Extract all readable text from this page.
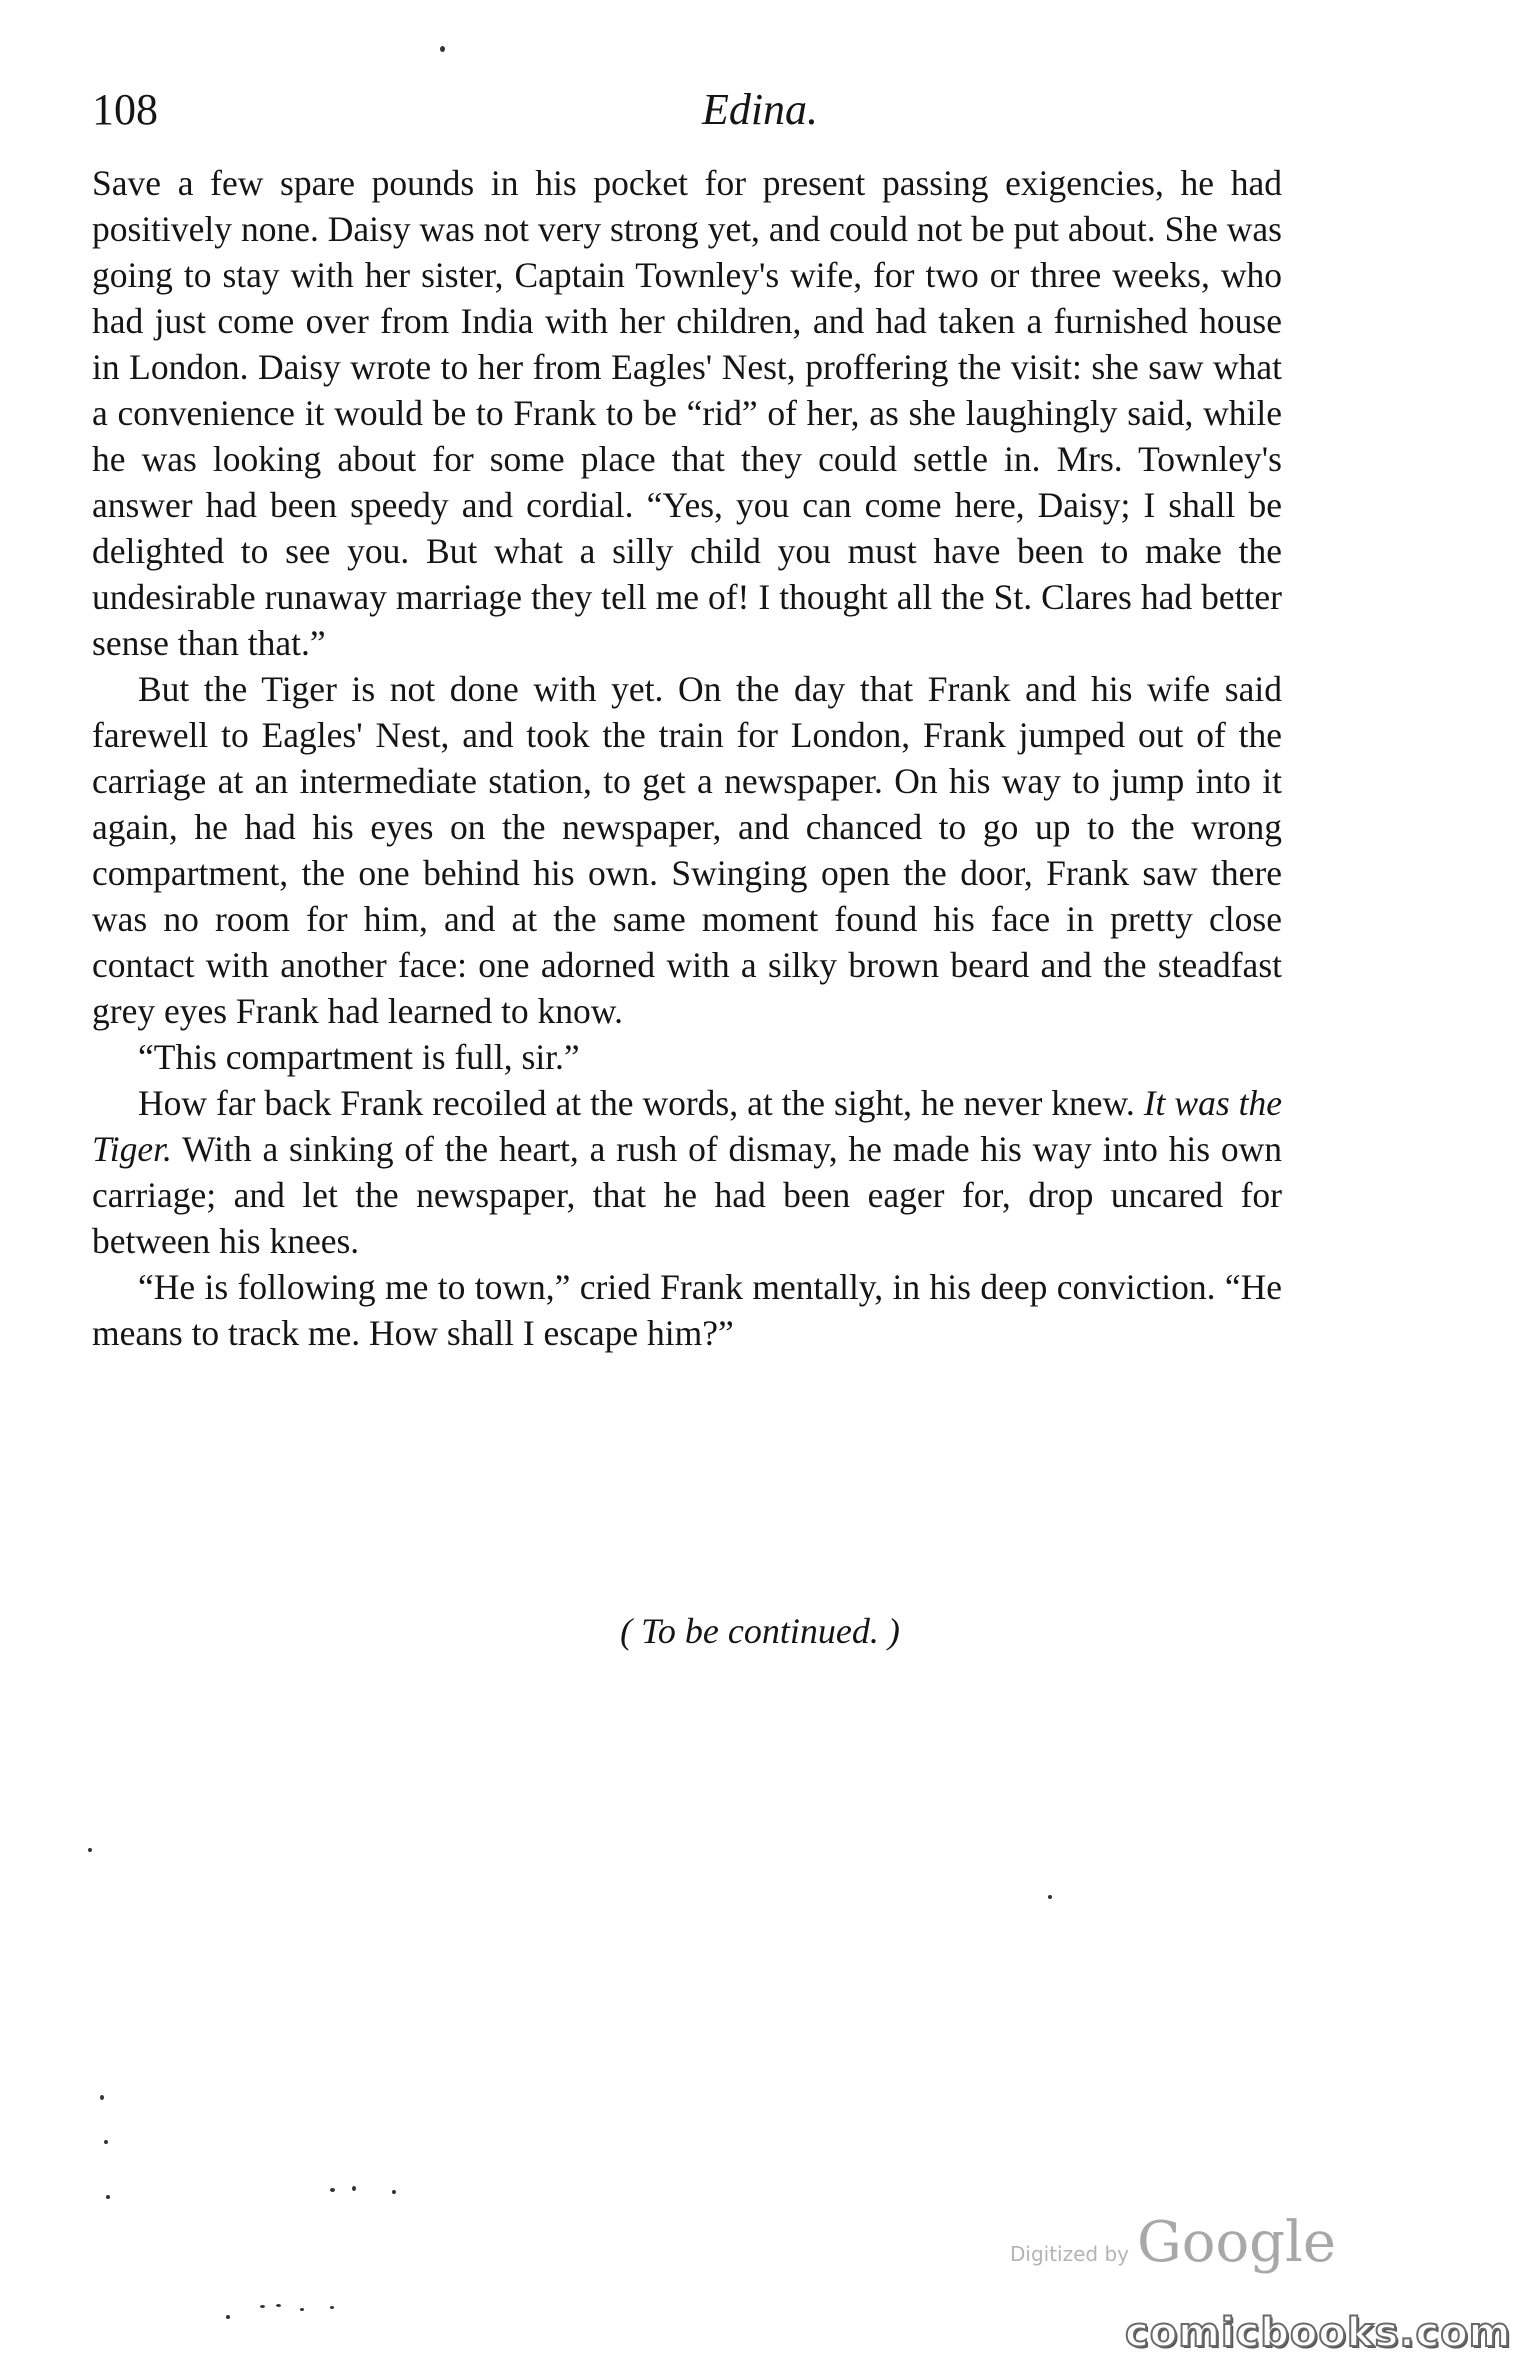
108	Edina.

Save a few spare pounds in his pocket for present passing exigencies, he had positively none. Daisy was not very strong yet, and could not be put about. She was going to stay with her sister, Captain Townley's wife, for two or three weeks, who had just come over from India with her children, and had taken a furnished house in London. Daisy wrote to her from Eagles' Nest, proffering the visit: she saw what a convenience it would be to Frank to be “rid” of her, as she laughingly said, while he was looking about for some place that they could settle in. Mrs. Townley's answer had been speedy and cordial. “Yes, you can come here, Daisy; I shall be delighted to see you. But what a silly child you must have been to make the undesirable runaway marriage they tell me of! I thought all the St. Clares had better sense than that.”

But the Tiger is not done with yet. On the day that Frank and his wife said farewell to Eagles' Nest, and took the train for London, Frank jumped out of the carriage at an intermediate station, to get a newspaper. On his way to jump into it again, he had his eyes on the newspaper, and chanced to go up to the wrong compartment, the one behind his own. Swinging open the door, Frank saw there was no room for him, and at the same moment found his face in pretty close contact with another face: one adorned with a silky brown beard and the steadfast grey eyes Frank had learned to know.

“This compartment is full, sir.”

How far back Frank recoiled at the words, at the sight, he never knew. It was the Tiger. With a sinking of the heart, a rush of dismay, he made his way into his own carriage; and let the newspaper, that he had been eager for, drop uncared for between his knees.

“He is following me to town,” cried Frank mentally, in his deep conviction. “He means to track me. How shall I escape him?”

( To be continued. )
Digitized by Google
comicbooks.com
